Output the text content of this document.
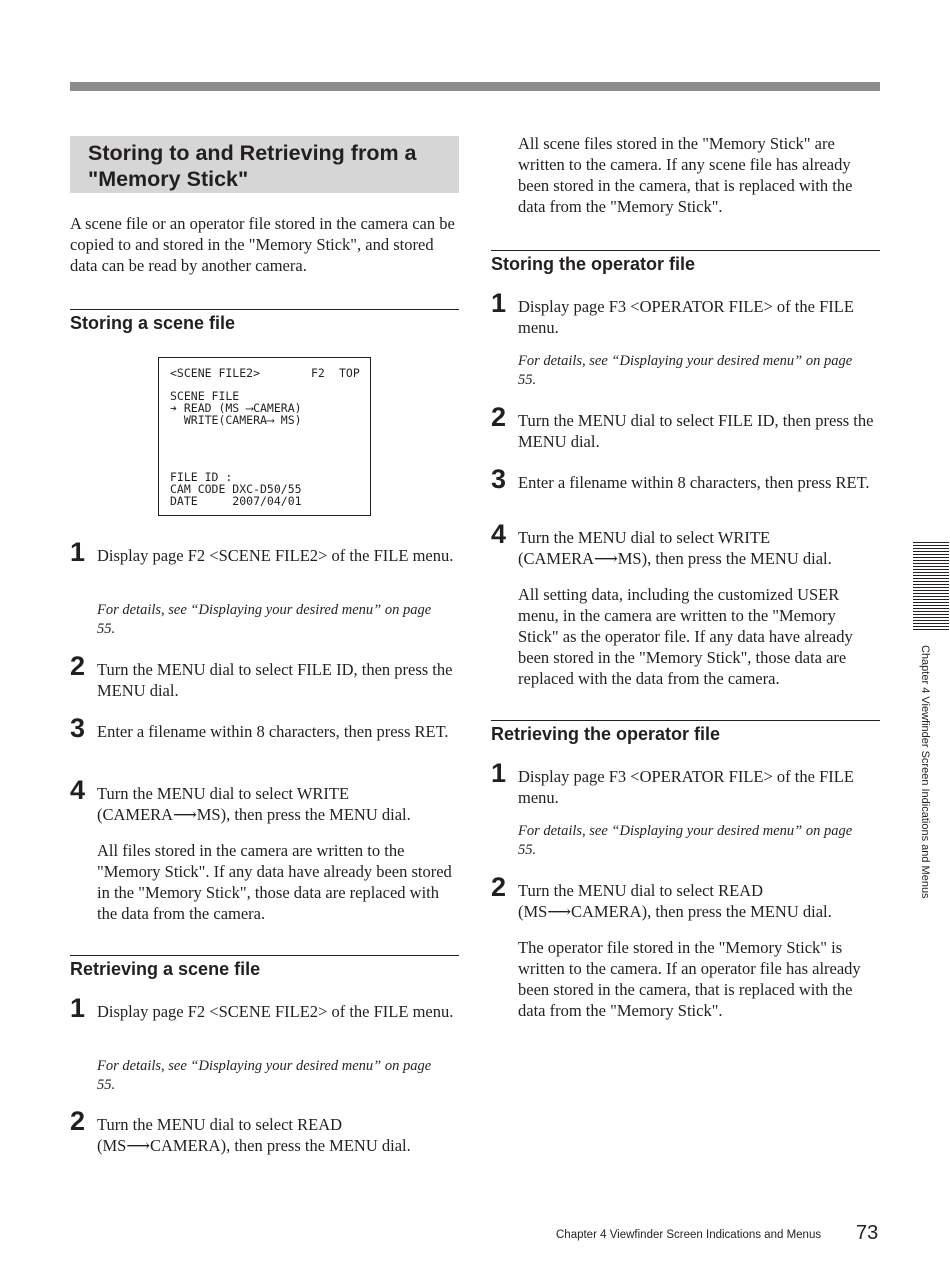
Storing to and Retrieving from a "Memory Stick"

A scene file or an operator file stored in the camera can be copied to and stored in the "Memory Stick", and stored data can be read by another camera.

Storing a scene file
<SCENE FILE2>	F2 TOP
SCENE FILE
➔ READ (MS ⟶CAMERA)
WRITE(CAMERA⟶ MS)
FILE ID :
CAM CODE DXC-D50/55
DATE     2007/04/01
1 Display page F2 <SCENE FILE2> of the FILE menu.

For details, see “Displaying your desired menu” on page 55.

2 Turn the MENU dial to select FILE ID, then press the MENU dial.

3 Enter a filename within 8 characters, then press RET.

4 Turn the MENU dial to select WRITE (CAMERA⟶MS), then press the MENU dial.

All files stored in the camera are written to the "Memory Stick". If any data have already been stored in the "Memory Stick", those data are replaced with the data from the camera.

Retrieving a scene file
1 Display page F2 <SCENE FILE2> of the FILE menu.

For details, see “Displaying your desired menu” on page 55.

2 Turn the MENU dial to select READ (MS⟶CAMERA), then press the MENU dial.

All scene files stored in the "Memory Stick" are written to the camera. If any scene file has already been stored in the camera, that is replaced with the data from the "Memory Stick".

Storing the operator file
1 Display page F3 <OPERATOR FILE> of the FILE menu.

For details, see “Displaying your desired menu” on page 55.

2 Turn the MENU dial to select FILE ID, then press the MENU dial.

3 Enter a filename within 8 characters, then press RET.

4 Turn the MENU dial to select WRITE (CAMERA⟶MS), then press the MENU dial.

All setting data, including the customized USER menu, in the camera are written to the "Memory Stick" as the operator file. If any data have already been stored in the "Memory Stick", those data are replaced with the data from the camera.

Retrieving the operator file
1 Display page F3 <OPERATOR FILE> of the FILE menu.

For details, see “Displaying your desired menu” on page 55.

2 Turn the MENU dial to select READ (MS⟶CAMERA), then press the MENU dial.

The operator file stored in the "Memory Stick" is written to the camera. If an operator file has already been stored in the camera, that is replaced with the data from the "Memory Stick".

Chapter 4 Viewfinder Screen Indications and Menus
Chapter 4 Viewfinder Screen Indications and Menus 73
